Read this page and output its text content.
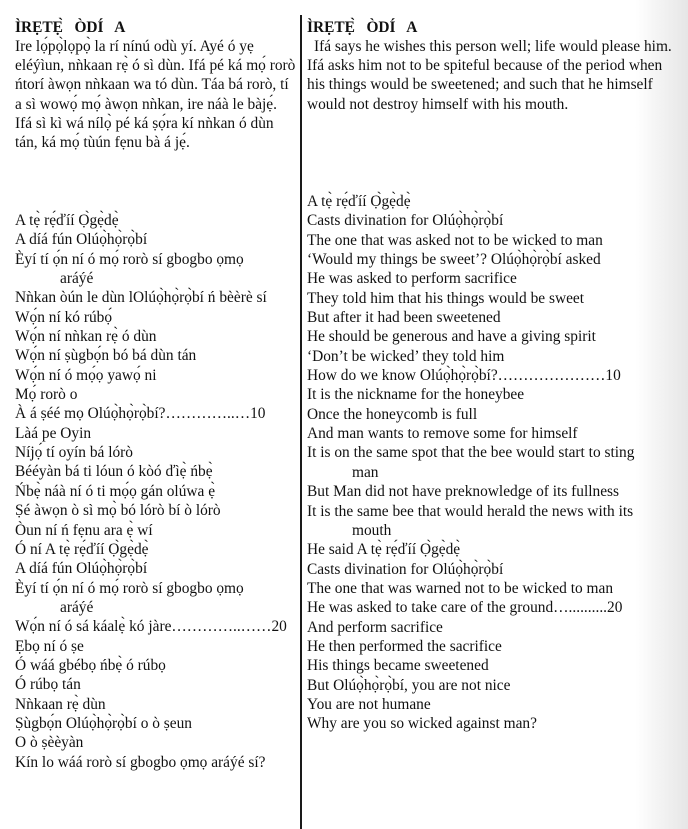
ÌRẸTẸ̀   ÒDÍ   A
Ire lọ́pọ̀lọpọ̀ la rí nínú odù yí. Ayé ó yẹ eléýìun, nǹkaan rẹ̀ ó sì dùn. Ifá pé ká mọ́ rorò ńtorí àwọn nǹkaan wa tó dùn. Táa bá rorò, tí a sì wowọ́ mọ́ àwọn nǹkan, ire náà le bàjẹ́. Ifá sì kì wá nílọ̀ pé ká ṣọ́ra kí nǹkan ó dùn tán, ká mọ́ tùún fẹnu bà á jẹ́.
A tẹ̀ rẹ́ďíí Ọ̀gẹ̀dẹ̀
A díá fún Olúọ̀họ̀rọ̀bí
Èyí tí ọ́n ní ó mọ́ rorò sí gbogbo ọmọ
aráýé
Nǹkan òún le dùn lOlúọ̀họ̀rọ̀bí ń bèèrè sí
Wọ́n ní kó rúbọ́
Wọ́n ní nǹkan rẹ̀ ó dùn
Wọ́n ní ṣùgbọ́n bó bá dùn tán
Wọ́n ní ó mọ́ọ yawọ́ ni
Mọ́ rorò o
À á ṣéé mọ Olúọ̀họ̀rọ̀bí?…………..…10
Làá pe Oyin
Níjọ́ tí oyín bá lórò
Bééyàn bá ti lóun ó kòó ďìẹ̀ ńbẹ̀
Ńbẹ̀ náà ní ó ti mọ́ọ gán olúwa ẹ̀
Ṣé àwọn ò sì mọ̀ bó lórò bí ò lórò
Òun ní ń fẹnu ara ẹ̀ wí
Ó ní A tẹ̀ rẹ́ďíí Ọ̀gẹ̀dẹ̀
A díá fún Olúọ̀họ̀rọ̀bí
Èyí tí ọ́n ní ó mọ́ rorò sí gbogbo ọmọ
aráýé
Wọ́n ní ó sá káalẹ̀ kó jàre…………..……20
Ẹbọ ní ó ṣe
Ó wáá gbébọ ńbẹ̀ ó rúbọ
Ó rúbọ tán
Nǹkaan rẹ̀ dùn
Ṣùgbọ́n Olúọ̀họ̀rọ̀bí o ò ṣeun
O ò ṣèèyàn
Kín lo wáá rorò sí gbogbo ọmọ aráýé sí?
ÌRẸTẸ̀   ÒDÍ   A
Ifá says he wishes this person well; life would please him. Ifá asks him not to be spiteful because of the period when his things would be sweetened; and such that he himself would not destroy himself with his mouth.
A tẹ̀ rẹ́ďíí Ọ̀gẹ̀dẹ̀
Casts divination for Olúọ̀họ̀rọ̀bí
The one that was asked not to be wicked to man
‘Would my things be sweet’? Olúọ̀họ̀rọ̀bí asked
He was asked to perform sacrifice
They told him that his things would be sweet
But after it had been sweetened
He should be generous and have a giving spirit
‘Don’t be wicked’ they told him
How do we know Olúọ̀họ̀rọ̀bí?…………………10
It is the nickname for the honeybee
Once the honeycomb is full
And man wants to remove some for himself
It is on the same spot that the bee would start to sting
man
But Man did not have preknowledge of its fullness
It is the same bee that would herald the news with its
mouth
He said A tẹ̀ rẹ́ďíí Ọ̀gẹ̀dẹ̀
Casts divination for Olúọ̀họ̀rọ̀bí
The one that was warned not to be wicked to man
He was asked to take care of the ground…..........20
And perform sacrifice
He then performed the sacrifice
His things became sweetened
But Olúọ̀họ̀rọ̀bí, you are not nice
You are not humane
Why are you so wicked against man?
